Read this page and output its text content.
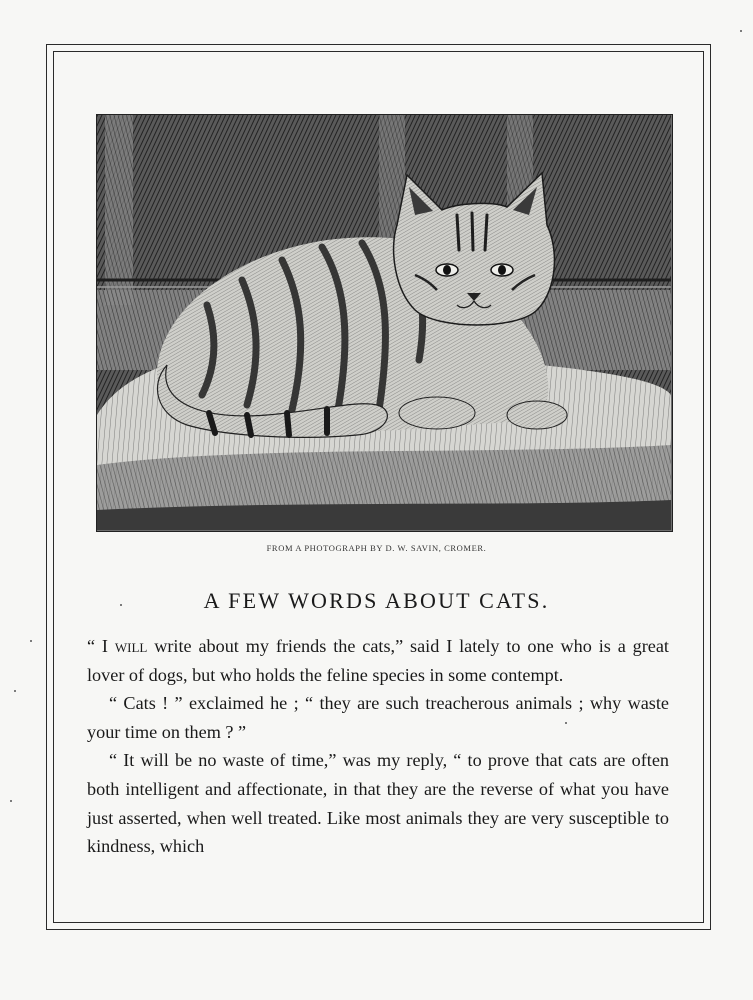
FROM A PHOTOGRAPH BY D. W. SAVIN, CROMER.
A FEW WORDS ABOUT CATS.

“ I will write about my friends the cats,” said I lately to one who is a great lover of dogs, but who holds the feline species in some contempt.

“ Cats ! ” exclaimed he ; “ they are such treacherous animals ; why waste your time on them ? ”

“ It will be no waste of time,” was my reply, “ to prove that cats are often both intelligent and affectionate, in that they are the reverse of what you have just asserted, when well treated. Like most animals they are very susceptible to kindness, which
